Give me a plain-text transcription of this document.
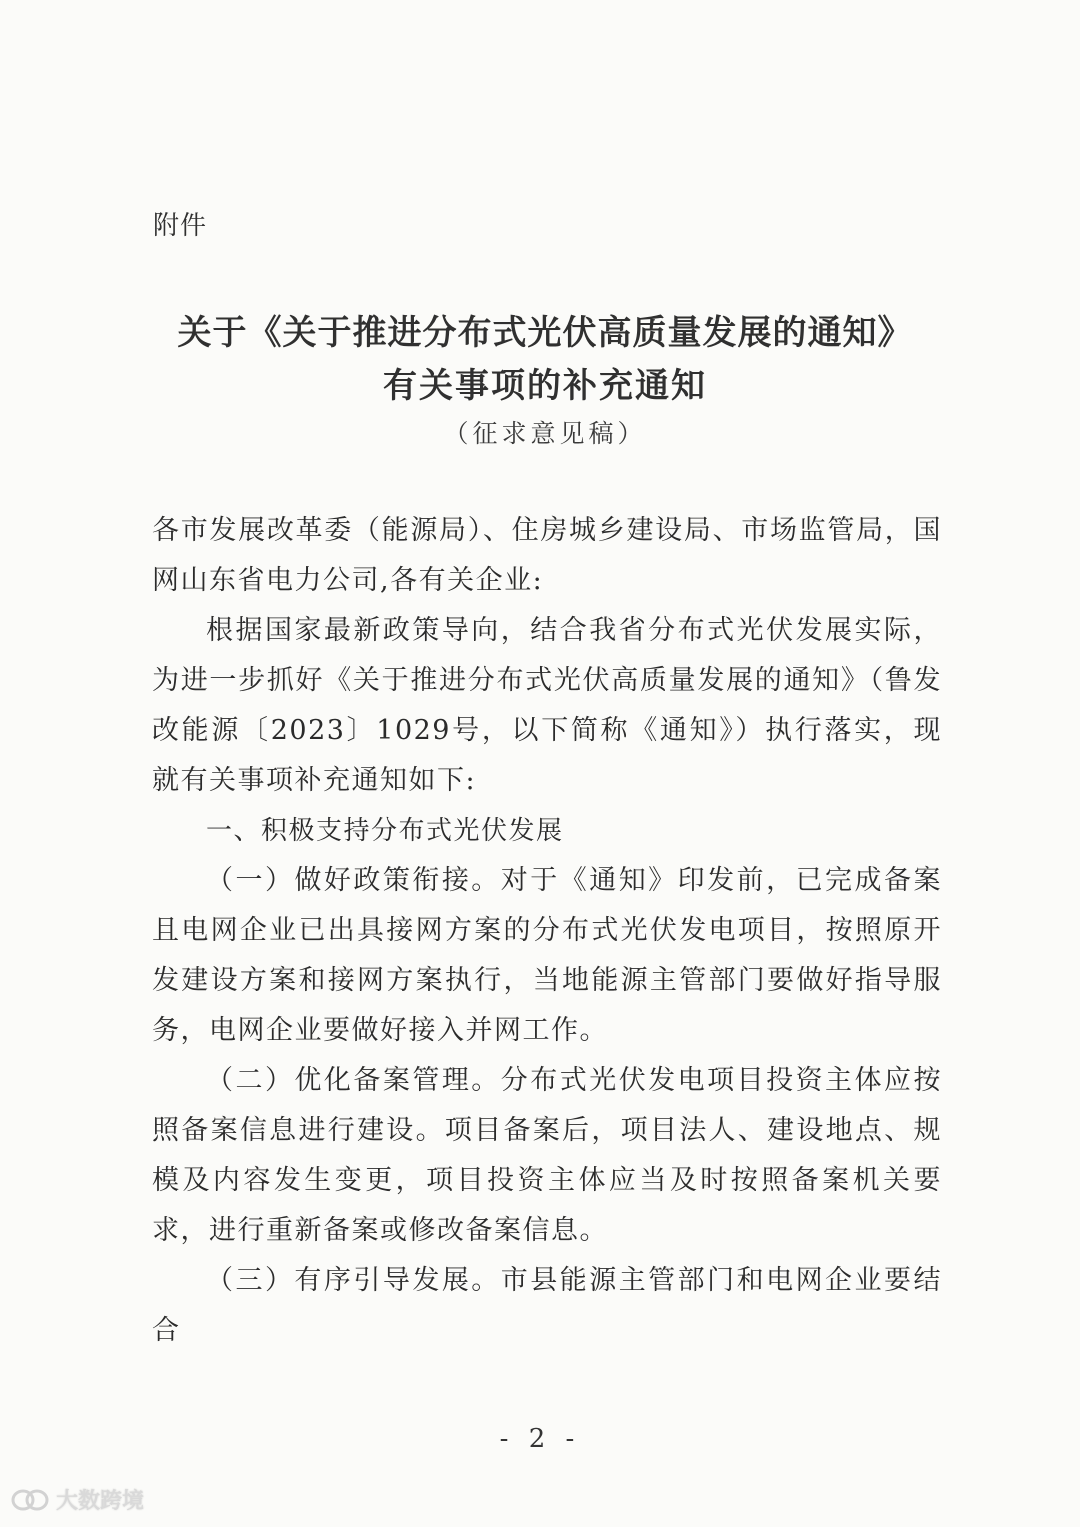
附件
关于《关于推进分布式光伏高质量发展的通知》
有关事项的补充通知
（征求意见稿）

各市发展改革委（能源局）、住房城乡建设局、市场监管局，国网山东省电力公司,各有关企业:

根据国家最新政策导向，结合我省分布式光伏发展实际，为进一步抓好《关于推进分布式光伏高质量发展的通知》（鲁发改能源〔2023〕1029号，以下简称《通知》）执行落实，现就有关事项补充通知如下:

一、积极支持分布式光伏发展

（一）做好政策衔接。对于《通知》印发前，已完成备案且电网企业已出具接网方案的分布式光伏发电项目，按照原开发建设方案和接网方案执行，当地能源主管部门要做好指导服务，电网企业要做好接入并网工作。

（二）优化备案管理。分布式光伏发电项目投资主体应按照备案信息进行建设。项目备案后，项目法人、建设地点、规模及内容发生变更，项目投资主体应当及时按照备案机关要求，进行重新备案或修改备案信息。

（三）有序引导发展。市县能源主管部门和电网企业要结合

- 2 -
大数跨境
